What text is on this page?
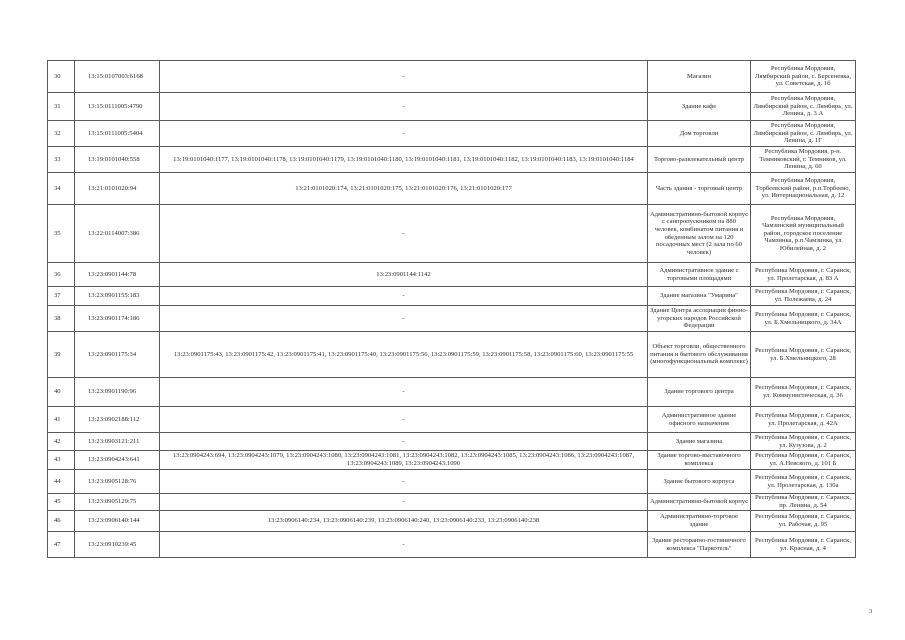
30	13:15:0107003:6168	-	Магазин	Республика Мордовия, Лямбирский район, с. Берсеневка, ул. Советская, д. 1б
31	13:15:0111005:4790	-	Здание кафе	Республика Мордовия, Лямбирский район, с. Лямбирь, ул. Ленина, д. 3 А
32	13:15:0111005:5404	-	Дом торговли	Республика Мордовия, Лямбирский район, с. Лямбирь, ул. Ленина, д. 1Г
33	13:19:0101040:558	13:19:0101040:1177, 13:19:0101040:1178, 13:19:0101040:1179, 13:19:0101040:1180, 13:19:0101040:1181, 13:19:0101040:1182, 13:19:0101040:1183, 13:19:0101040:1184	Торгово-развлекательный центр	Республика Мордовия, р-н. Темниковский, г. Темников, ул. Ленина, д. 60
34	13:21:0101020:94	13:21:0101020:174, 13:21:0101020:175, 13:21:0101020:176, 13:21:0101020:177	Часть здания - торговый центр	Республика Мордовия, Торбеевский район, р.п.Торбеево, ул. Интернациональная, д. 12
35	13:22:0114007:386	-	Административно-бытовой корпус с санпропускником на 880 человек, комбинатом питания и обеденным залом на 120 посадочных мест (2 зала по 60 человек)	Республика Мордовия, Чамзинский муниципальный район, городское поселение Чамзинка, р.п.Чамзинка, ул Юбилейная, д. 2
36	13:23:0901144:78	13:23:0901144:1142	Административное здание с торговыми площадями	Республика Мордовия, г. Саранск, ул. Пролетарская, д. 83 А
37	13:23:0901155:183	-	Здание магазина "Умарина"	Республика Мордовия, г. Саранск, ул. Полежаева, д. 24
38	13:23:0901174:186	-	Здание Центра ассоциации финно-угорских народов Российской Федерации	Республика Мордовия, г. Саранск, ул. Б.Хмельницкого, д. 34А
39	13:23:0901175:34	13:23:0901175:43, 13:23:0901175:42, 13:23:0901175:41, 13:23:0901175:40, 13:23:0901175:56, 13:23:0901175:59, 13:23:0901175:58, 13:23:0901175:60, 13:23:0901175:55	Объект торговли, общественного питания и бытового обслуживания (многофункциональный комплекс)	Республика Мордовия, г. Саранск, ул. Б.Хмельницкого, 28
40	13:23:0901190:96	-	Здание торгового центра	Республика Мордовия, г. Саранск, ул. Коммунистическая, д. 36
41	13:23:0902188:112	-	Административное здание офисного назначения	Республика Мордовия, г. Саранск, ул. Пролетарская, д. 42А
42	13:23:0903121:211	-	Здание магазина	Республика Мордовия, г. Саранск, ул. Кузузова, д. 2
43	13:23:0904243:641	13:23:0904243:694, 13:23:0904243:1079, 13:23:0904243:1080, 13:23:0904243:1081, 13:23:0904243:1082, 13:23:0904243:1085, 13:23:0904243:1086, 13:23:0904243:1087, 13:23:0904243:1089, 13:23:0904243:1090	Здание торгово-выставочного комплекса	Республика Мордовия, г. Саранск, ул. А.Невского, д. 101 Б
44	13:23:0905128:76	-	Здание бытового корпуса	Республика Мордовия, г. Саранск, ул. Пролетарская, д. 130а
45	13:23:0905129:75	-	Административно-бытовой корпус	Республика Мордовия, г. Саранск, пр. Ленина, д. 54
46	13:23:0906140:144	13:23:0906140:234, 13:23:0906140:239, 13:23:0906140:240, 13:23:0906140:233, 13:23:0906140:238	Административно-торговое здание	Республика Мордовия, г. Саранск, ул. Рабочая, д. 95
47	13:23:0910239:45	-	Здание ресторанно-гостиничного комплекса "Паркотель"	Республика Мордовия, г. Саранск, ул. Красная, д. 4
3
